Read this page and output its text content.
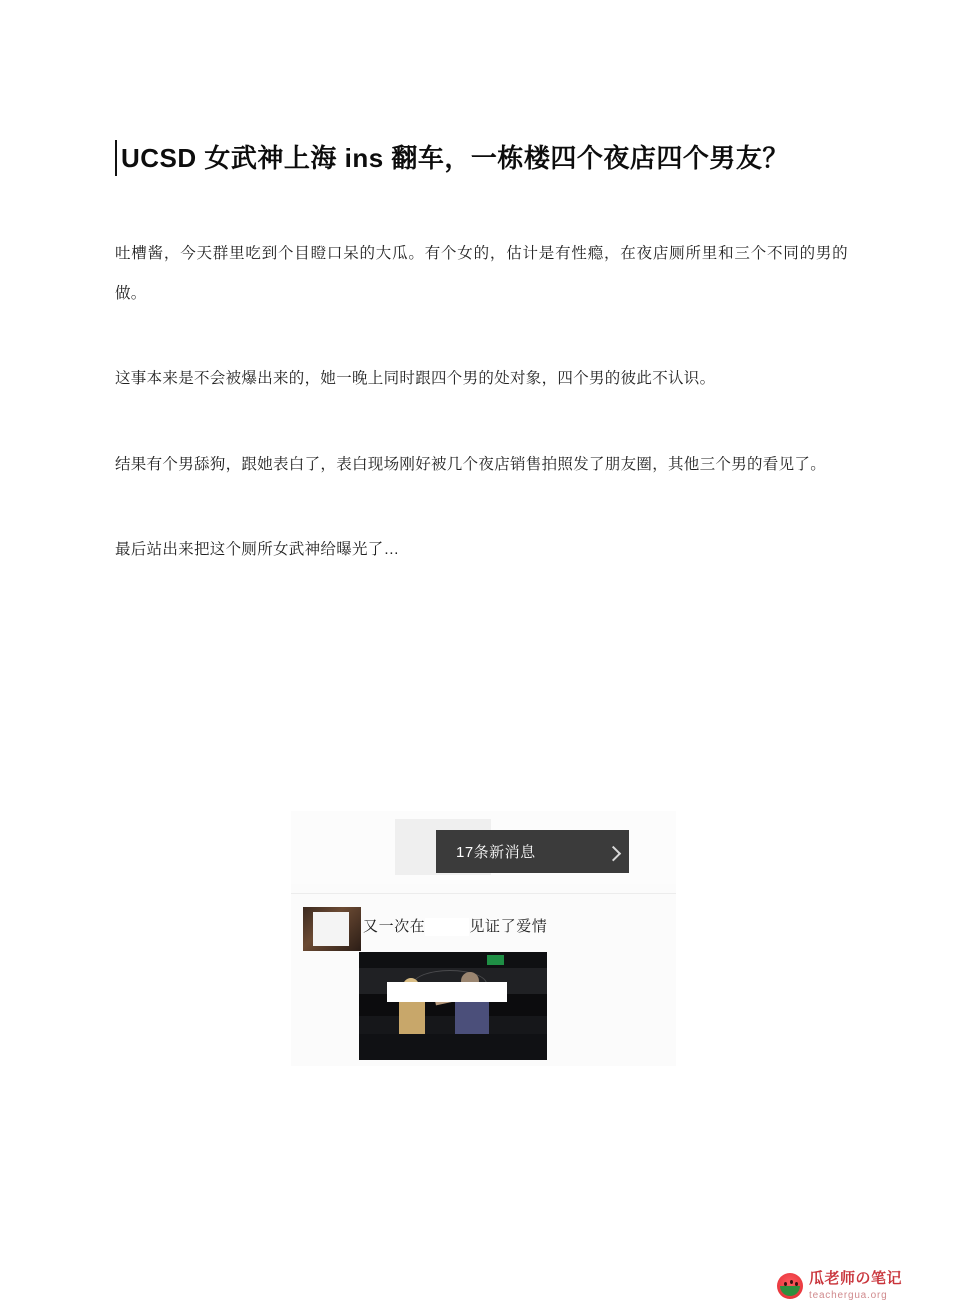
UCSD 女武神上海 ins 翻车，一栋楼四个夜店四个男友？

吐槽酱，今天群里吃到个目瞪口呆的大瓜。有个女的，估计是有性瘾，在夜店厕所里和三个不同的男的做。

这事本来是不会被爆出来的，她一晚上同时跟四个男的处对象，四个男的彼此不认识。

结果有个男舔狗，跟她表白了，表白现场刚好被几个夜店销售拍照发了朋友圈，其他三个男的看见了。

最后站出来把这个厕所女武神给曝光了…

17条新消息
又一次在	见证了爱情
瓜老师の笔记
teachergua.org
